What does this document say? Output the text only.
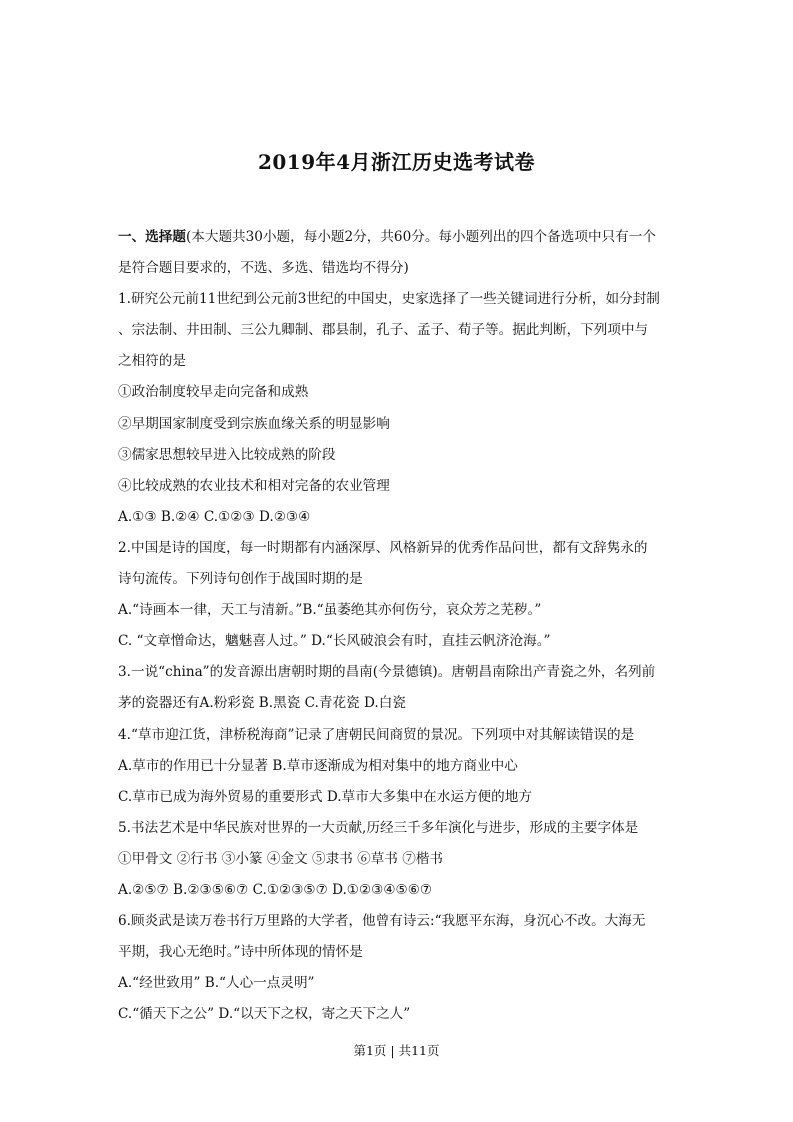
2019年4月浙江历史选考试卷
一、选择题(本大题共30小题，每小题2分，共60分。每小题列出的四个备选项中只有一个
是符合题目要求的，不选、多选、错选均不得分)
1.研究公元前11世纪到公元前3世纪的中国史，史家选择了一些关键词进行分析，如分封制
、宗法制、井田制、三公九卿制、郡县制，孔子、孟子、荀子等。据此判断，下列项中与
之相符的是
①政治制度较早走向完备和成熟
②早期国家制度受到宗族血缘关系的明显影响
③儒家思想较早进入比较成熟的阶段
④比较成熟的农业技术和相对完备的农业管理
A.①③ B.②④ C.①②③ D.②③④
2.中国是诗的国度，每一时期都有内涵深厚、风格新异的优秀作品问世，都有文辞隽永的
诗句流传。下列诗句创作于战国时期的是
A.“诗画本一律，天工与清新。”B.“虽萎绝其亦何伤兮，哀众芳之芜秽。”
C. “文章憎命达，魑魅喜人过。” D.“长风破浪会有时，直挂云帆济沧海。”
3.一说“china”的发音源出唐朝时期的昌南(今景德镇)。唐朝昌南除出产青瓷之外，名列前
茅的瓷器还有A.粉彩瓷 B.黑瓷 C.青花瓷 D.白瓷
4.“草市迎江货，津桥税海商”记录了唐朝民间商贸的景况。下列项中对其解读错误的是
A.草市的作用已十分显著 B.草市逐渐成为相对集中的地方商业中心
C.草市已成为海外贸易的重要形式 D.草市大多集中在水运方便的地方
5.书法艺术是中华民族对世界的一大贡献,历经三千多年演化与进步，形成的主要字体是
①甲骨文 ②行书 ③小篆 ④金文 ⑤隶书 ⑥草书 ⑦楷书
A.②⑤⑦ B.②③⑤⑥⑦ C.①②③⑤⑦ D.①②③④⑤⑥⑦
6.顾炎武是读万卷书行万里路的大学者，他曾有诗云:“我愿平东海，身沉心不改。大海无
平期，我心无绝时。”诗中所体现的情怀是
A.“经世致用” B.“人心一点灵明”
C.“循天下之公” D.“以天下之权，寄之天下之人”
第1页 | 共11页
